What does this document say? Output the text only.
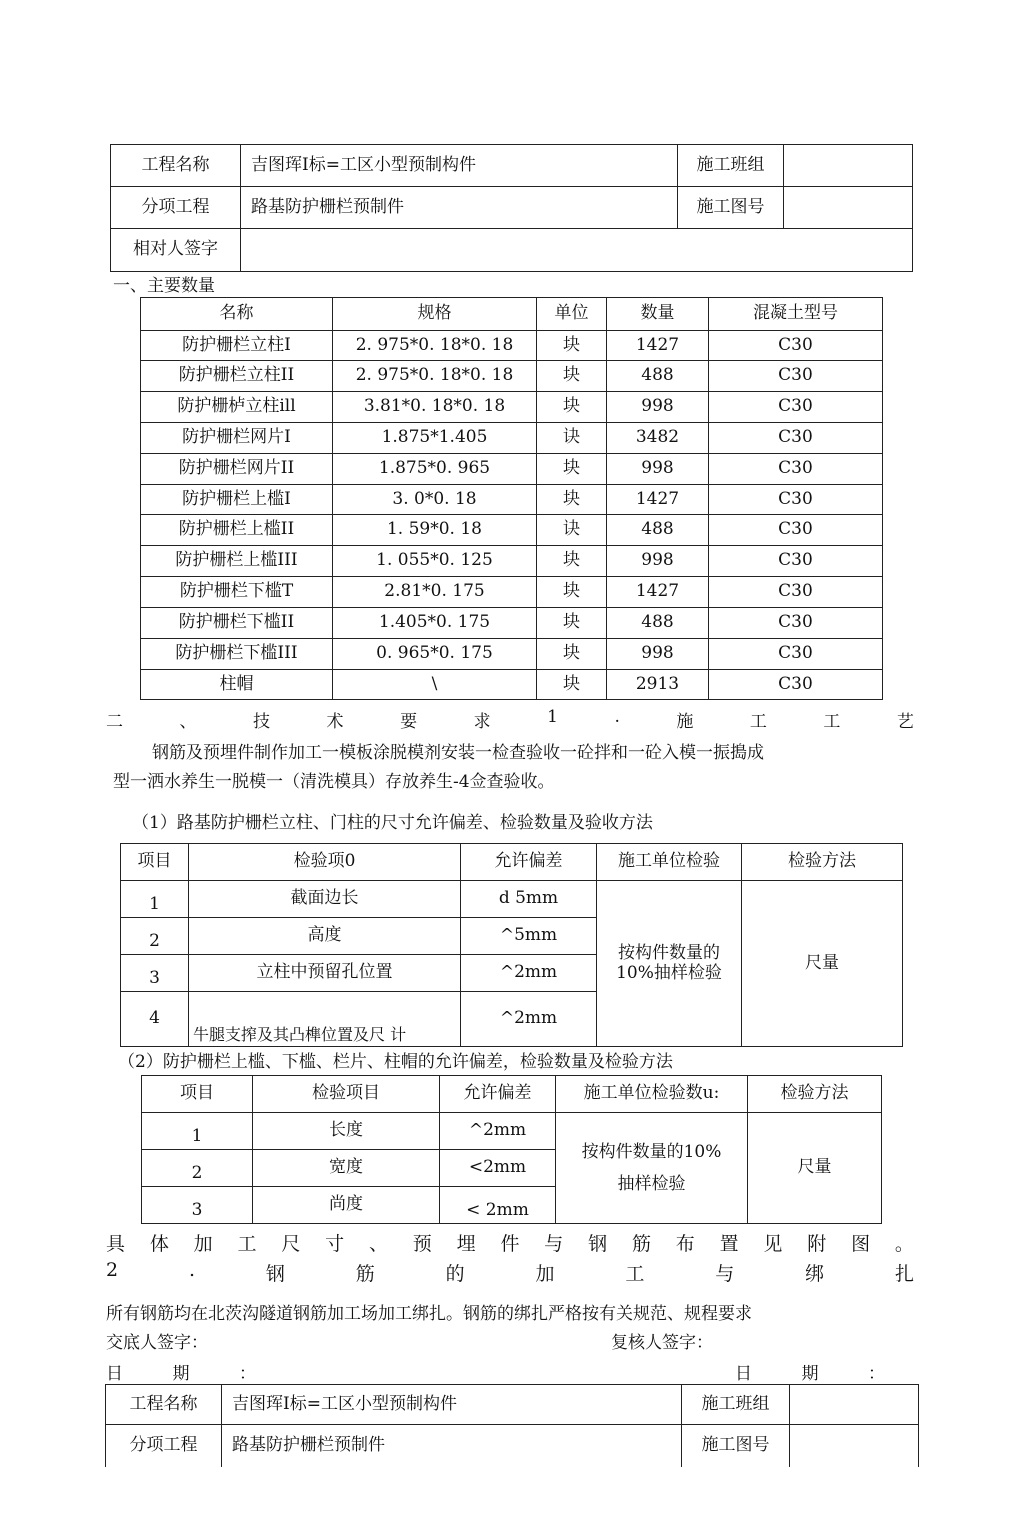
工程名称	吉图珲I标=工区小型预制构件	施工班组	
分项工程	路基防护栅栏预制件	施工图号	
相对人签字			
一、主要数量
名称	规格	单位	数量	混凝土型号
防护栅栏立柱I	2. 975*0. 18*0. 18	块	1427	C30
防护栅栏立柱II	2. 975*0. 18*0. 18	块	488	C30
防护栅栌立柱ill	3.81*0. 18*0. 18	块	998	C30
防护栅栏网片I	1.875*1.405	诀	3482	C30
防护栅栏网片II	1.875*0. 965	块	998	C30
防护栅栏上槛I	3. 0*0. 18	块	1427	C30
防护栅栏上槛II	1. 59*0. 18	诀	488	C30
防护栅栏上槛III	1. 055*0. 125	块	998	C30
防护栅栏下槛T	2.81*0. 175	块	1427	C30
防护栅栏下槛II	1.405*0. 175	块	488	C30
防护栅栏下槛III	0. 965*0. 175	块	998	C30
柱帽	\	块	2913	C30
二	、	技	术	要	求	1	.	施	工	工	艺
钢筋及预埋件制作加工一模板涂脱模剂安装一检查验收一砼拌和一砼入模一振搗成
型一洒水养生一脱模一（清洗模具）存放养生-4佥查验收。
（1）路基防护栅栏立柱、门柱的尺寸允许偏差、检验数量及验收方法
项目	检验项0	允许偏差	施工单位检验	检验方法
1	截面边长	d 5mm	按构件数量的10%抽样检验	尺量
2	高度	^5mm		
3	立柱中预留孔位置	^2mm		
4	牛腿支搾及其凸榫位置及尺 计	^2mm		
（2）防护栅栏上槛、下槛、栏片、柱帽的允许偏差，检验数量及检验方法
项目	检验项目	允许偏差	施工单位检验数u:	检验方法
1	长度	^2mm	按构件数量的10%抽样检验	尺量
2	宽度	<2mm		
3	尚度	< 2mm		
具 体 加 工 尺 寸 、 预 埋 件 与 钢 筋 布 置 见 附 图 。
2	.	钢	筋	的	加	工	与	绑	扎
所有钢筋均在北茨沟隧道钢筋加工场加工绑扎。钢筋的绑扎严格按有关规范、规程要求
交底人签字：	复核人签字：
日	期	：	日	期	：
工程名称	吉图珲I标=工区小型预制构件	施工班组	
分项工程	路基防护栅栏预制件	施工图号	
